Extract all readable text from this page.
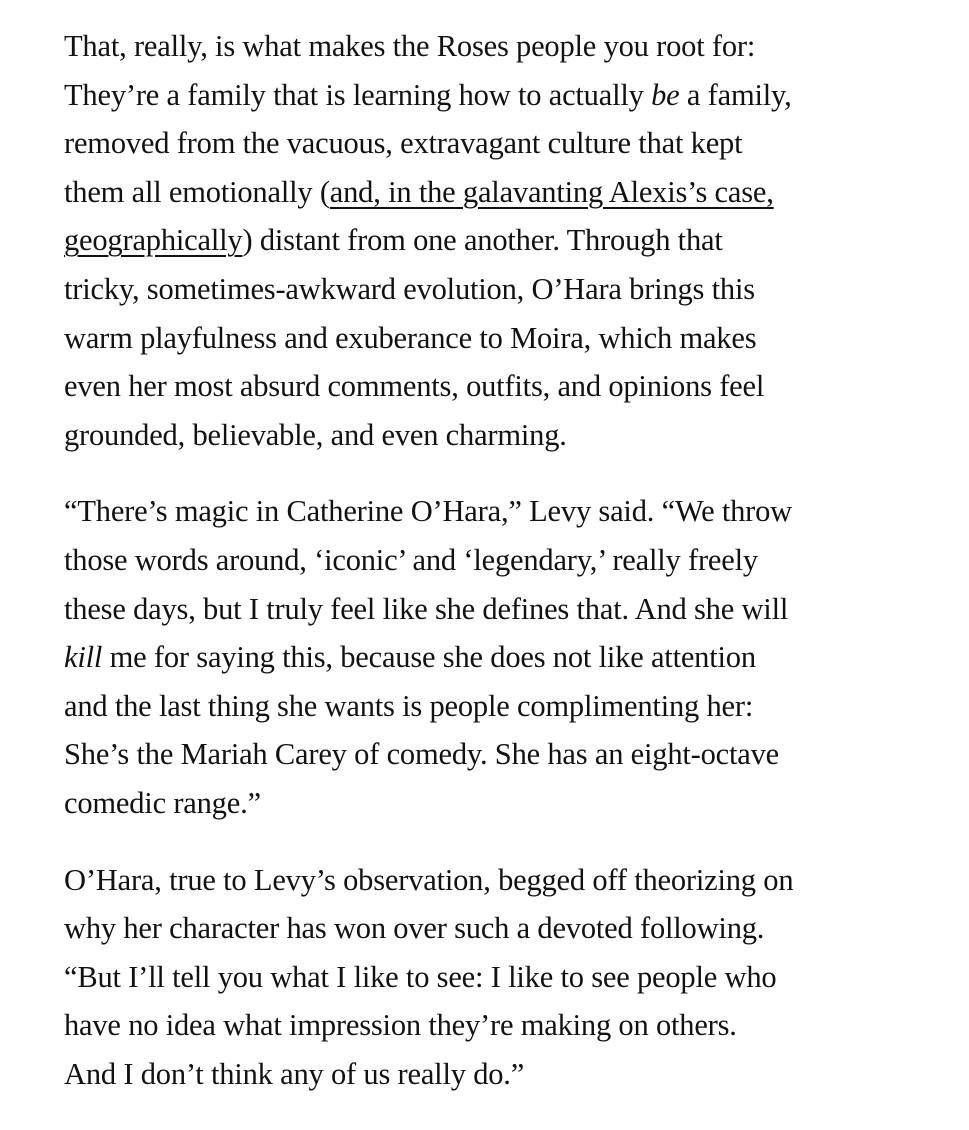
That, really, is what makes the Roses people you root for:
They’re a family that is learning how to actually be a family,
removed from the vacuous, extravagant culture that kept
them all emotionally (and, in the galavanting Alexis’s case,
geographically) distant from one another. Through that
tricky, sometimes-awkward evolution, O’Hara brings this
warm playfulness and exuberance to Moira, which makes
even her most absurd comments, outfits, and opinions feel
grounded, believable, and even charming.

“There’s magic in Catherine O’Hara,” Levy said. “We throw
those words around, ‘iconic’ and ‘legendary,’ really freely
these days, but I truly feel like she defines that. And she will
kill me for saying this, because she does not like attention
and the last thing she wants is people complimenting her:
She’s the Mariah Carey of comedy. She has an eight-octave
comedic range.”

O’Hara, true to Levy’s observation, begged off theorizing on
why her character has won over such a devoted following.
“But I’ll tell you what I like to see: I like to see people who
have no idea what impression they’re making on others.
And I don’t think any of us really do.”
